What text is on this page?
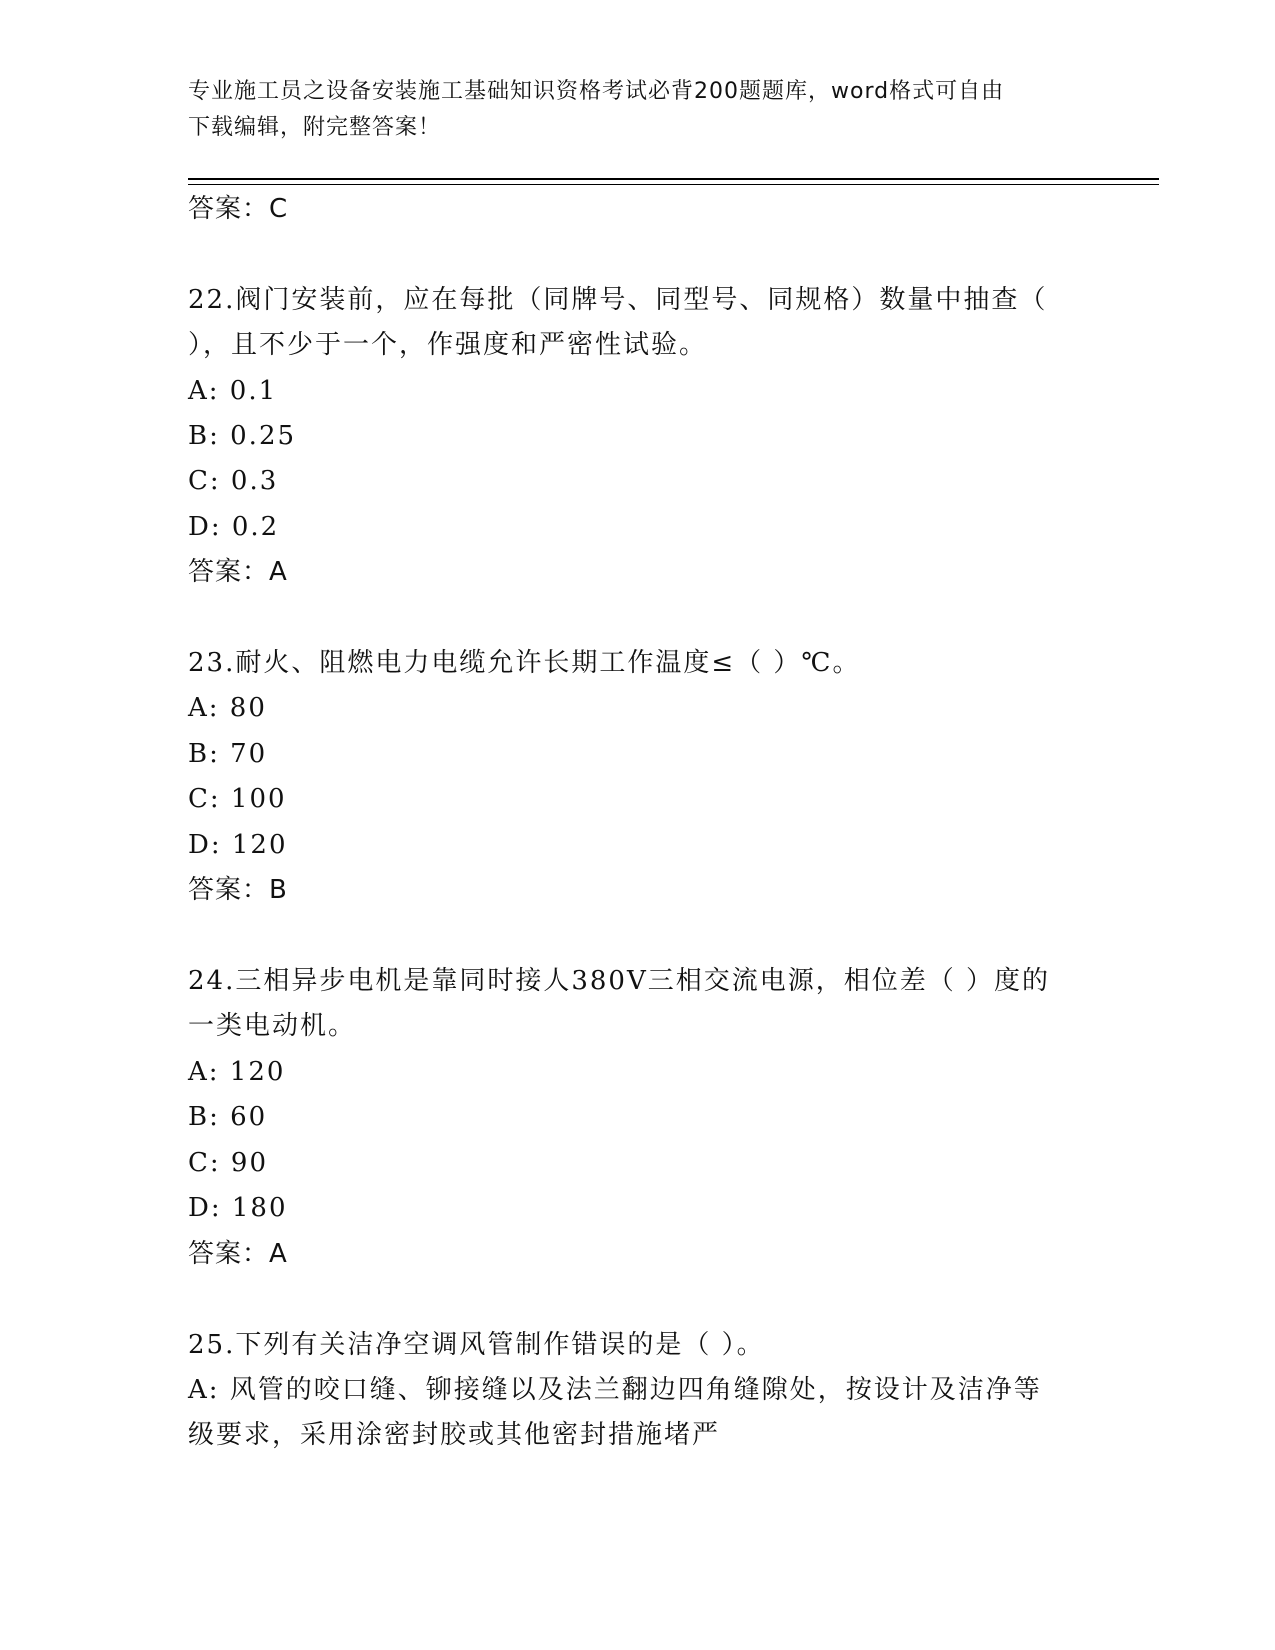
专业施工员之设备安装施工基础知识资格考试必背200题题库，word格式可自由
下载编辑，附完整答案！
答案：C
22.阀门安装前，应在每批（同牌号、同型号、同规格）数量中抽查（
），且不少于一个，作强度和严密性试验。
A: 0.1
B: 0.25
C: 0.3
D: 0.2
答案：A
23.耐火、阻燃电力电缆允许长期工作温度≤（ ）℃。
A: 80
B: 70
C: 100
D: 120
答案：B
24.三相异步电机是靠同时接人380V三相交流电源，相位差（ ）度的
一类电动机。
A: 120
B: 60
C: 90
D: 180
答案：A
25.下列有关洁净空调风管制作错误的是（ ）。
A: 风管的咬口缝、铆接缝以及法兰翻边四角缝隙处，按设计及洁净等
级要求，采用涂密封胶或其他密封措施堵严
